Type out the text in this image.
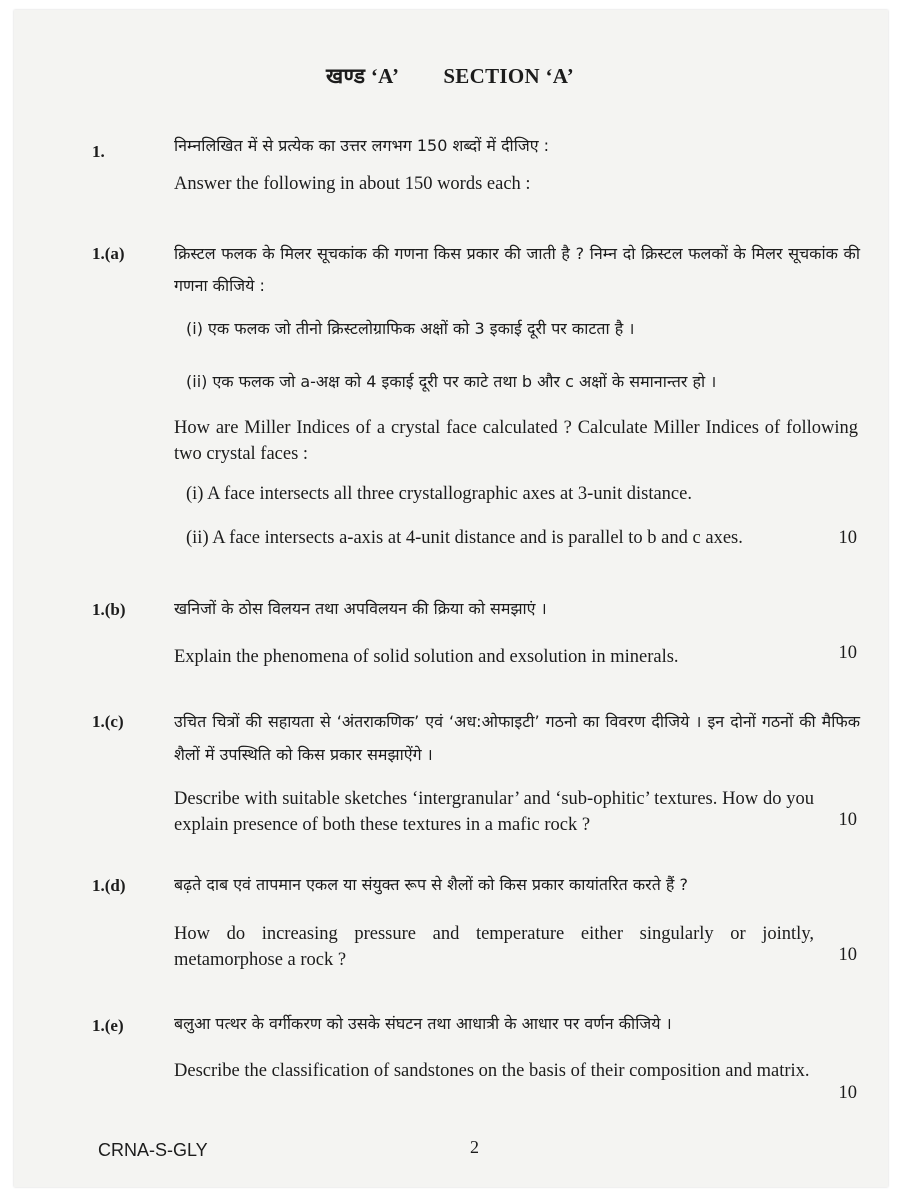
खण्ड ‘A’ SECTION ‘A’
1.	निम्नलिखित में से प्रत्येक का उत्तर लगभग 150 शब्दों में दीजिए :
Answer the following in about 150 words each :
1.(a)	क्रिस्टल फलक के मिलर सूचकांक की गणना किस प्रकार की जाती है ? निम्न दो क्रिस्टल फलकों के मिलर सूचकांक की गणना कीजिये :
(i) एक फलक जो तीनो क्रिस्टलोग्राफिक अक्षों को 3 इकाई दूरी पर काटता है ।
(ii) एक फलक जो a-अक्ष को 4 इकाई दूरी पर काटे तथा b और c अक्षों के समानान्तर हो ।
How are Miller Indices of a crystal face calculated ? Calculate Miller Indices of following two crystal faces :
(i) A face intersects all three crystallographic axes at 3-unit distance.
(ii) A face intersects a-axis at 4-unit distance and is parallel to b and c axes.	10
1.(b)	खनिजों के ठोस विलयन तथा अपविलयन की क्रिया को समझाएं ।
Explain the phenomena of solid solution and exsolution in minerals.	10
1.(c)	उचित चित्रों की सहायता से ‘अंतराकणिक’ एवं ‘अध:ओफाइटी’ गठनो का विवरण दीजिये । इन दोनों गठनों की मैफिक शैलों में उपस्थिति को किस प्रकार समझाऐंगे ।
Describe with suitable sketches ‘intergranular’ and ‘sub-ophitic’ textures. How do you explain presence of both these textures in a mafic rock ?	10
1.(d)	बढ़ते दाब एवं तापमान एकल या संयुक्त रूप से शैलों को किस प्रकार कायांतरित करते हैं ?
How do increasing pressure and temperature either singularly or jointly, metamorphose a rock ?	10
1.(e)	बलुआ पत्थर के वर्गीकरण को उसके संघटन तथा आधात्री के आधार पर वर्णन कीजिये ।
Describe the classification of sandstones on the basis of their composition and matrix.
10
CRNA-S-GLY	2
